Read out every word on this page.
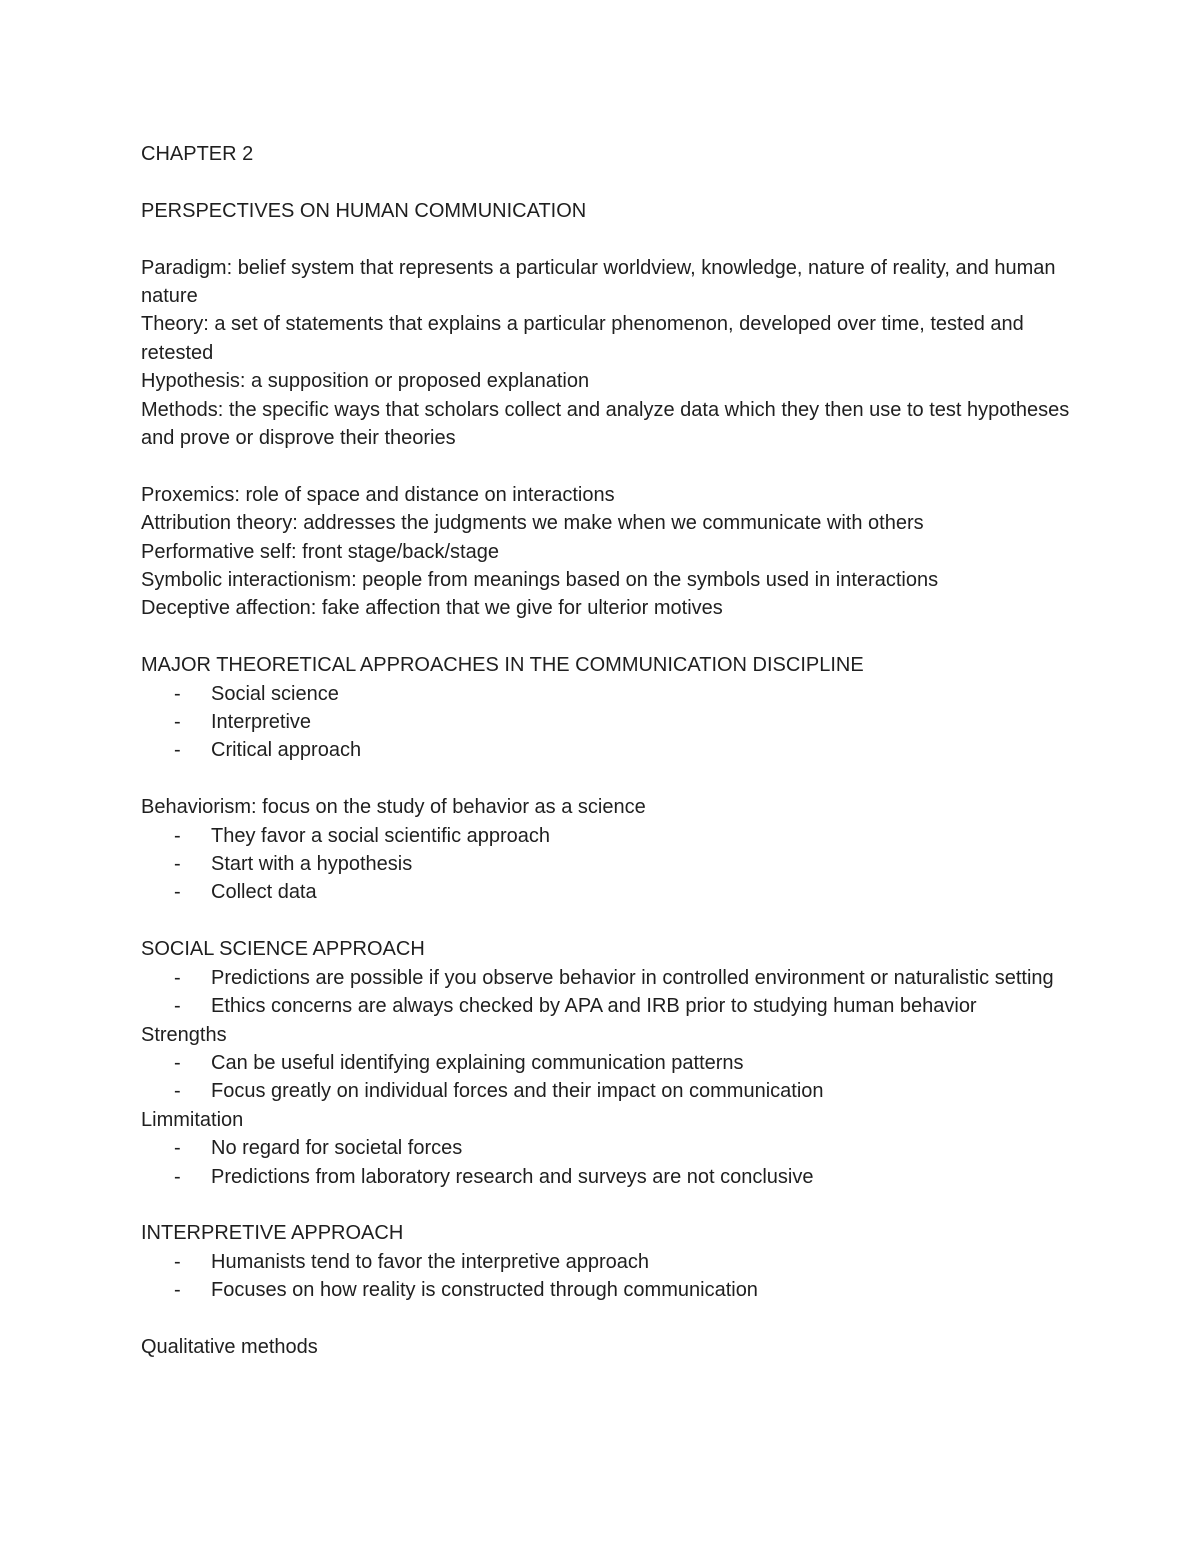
CHAPTER 2

PERSPECTIVES ON HUMAN COMMUNICATION

Paradigm: belief system that represents a particular worldview, knowledge, nature of reality, and human nature

Theory: a set of statements that explains a particular phenomenon, developed over time, tested and retested

Hypothesis: a supposition or proposed explanation

Methods: the specific ways that scholars collect and analyze data which they then use to test hypotheses and prove or disprove their theories

Proxemics: role of space and distance on interactions

Attribution theory: addresses the judgments we make when we communicate with others

Performative self: front stage/back/stage

Symbolic interactionism: people from meanings based on the symbols used in interactions

Deceptive affection: fake affection that we give for ulterior motives

MAJOR THEORETICAL APPROACHES IN THE COMMUNICATION DISCIPLINE

- Social science
- Interpretive
- Critical approach

Behaviorism: focus on the study of behavior as a science

- They favor a social scientific approach
- Start with a hypothesis
- Collect data

SOCIAL SCIENCE APPROACH

- Predictions are possible if you observe behavior in controlled environment or naturalistic setting
- Ethics concerns are always checked by APA and IRB prior to studying human behavior

Strengths

- Can be useful identifying explaining communication patterns
- Focus greatly on individual forces and their impact on communication

Limmitation

- No regard for societal forces
- Predictions from laboratory research and surveys are not conclusive

INTERPRETIVE APPROACH

- Humanists tend to favor the interpretive approach
- Focuses on how reality is constructed through communication

Qualitative methods
